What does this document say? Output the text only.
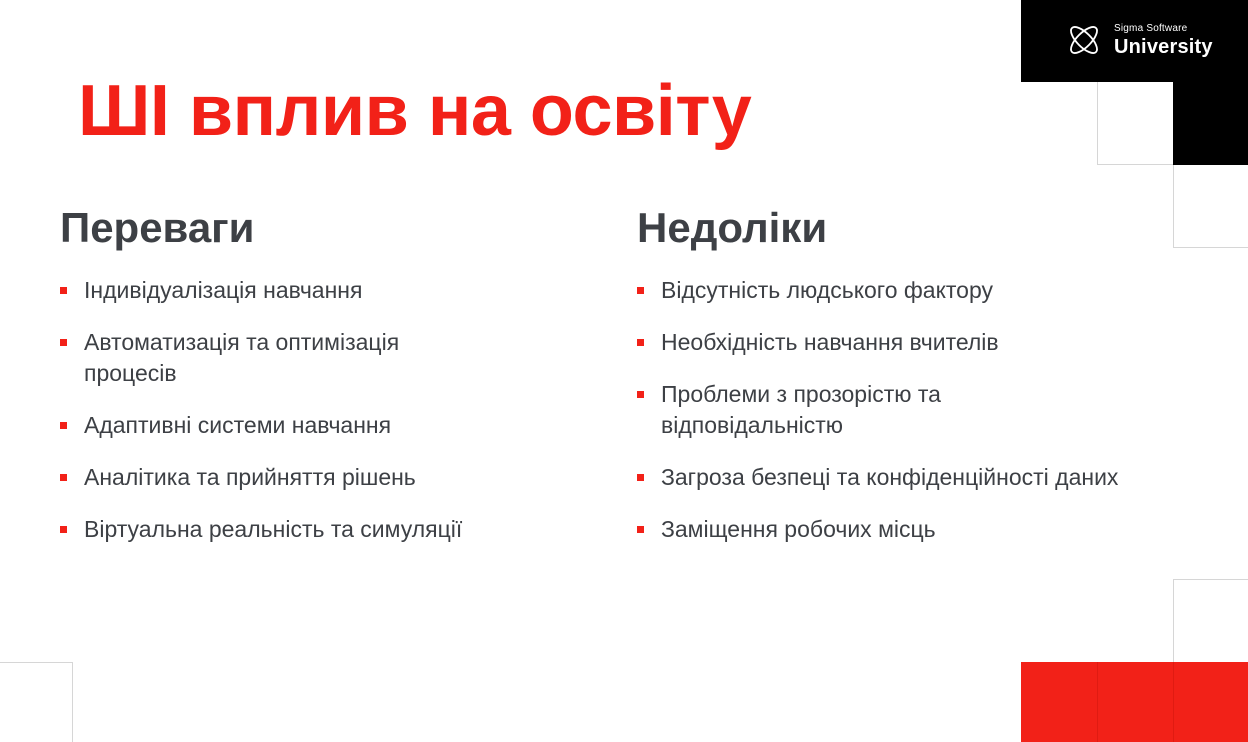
Sigma Software
University
ШІ вплив на освіту
Переваги
Індивідуалізація навчання
Автоматизація та оптимізація процесів
Адаптивні системи навчання
Аналітика та прийняття рішень
Віртуальна реальність та симуляції
Недоліки
Відсутність людського фактору
Необхідність навчання вчителів
Проблеми з прозорістю та відповідальністю
Загроза безпеці та конфіденційності даних
Заміщення робочих місць
